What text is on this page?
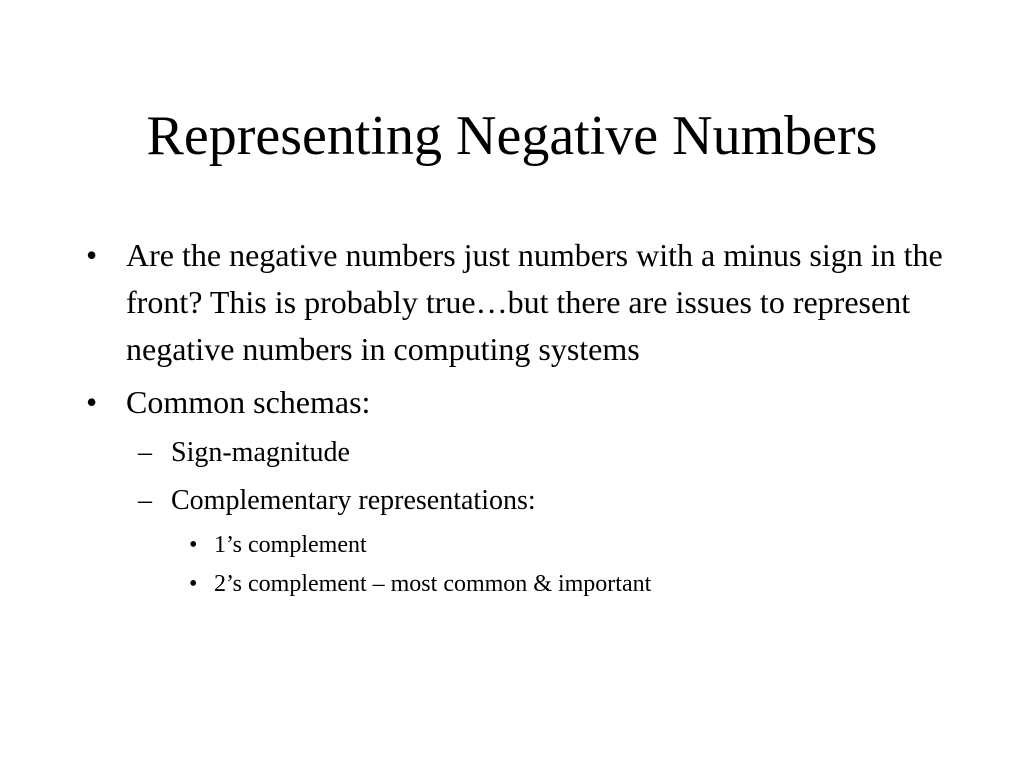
Representing Negative Numbers
• Are the negative numbers just numbers with a minus sign in the front? This is probably true…but there are issues to represent negative numbers in computing systems
• Common schemas:
– Sign-magnitude
– Complementary representations:
• 1’s complement
• 2’s complement – most common & important
